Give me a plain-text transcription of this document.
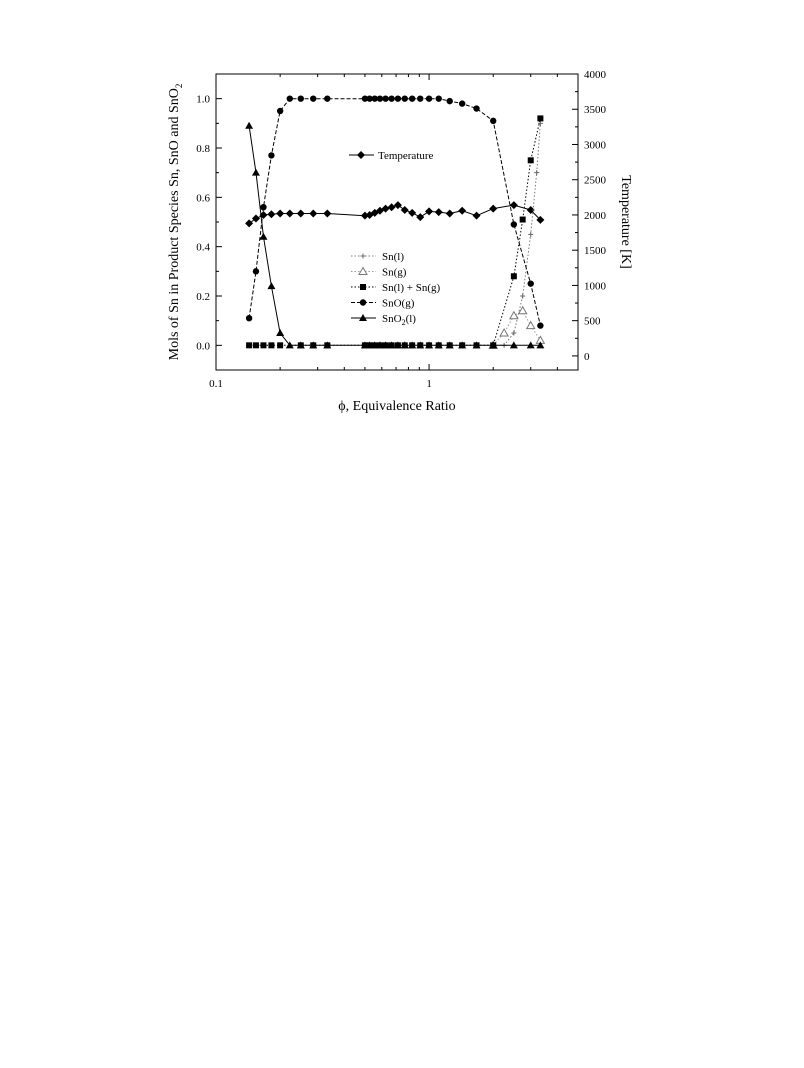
0.1	1
0.0
0.2
0.4
0.6
0.8
1.0
0
500
1000
1500
2000
2500
3000
3500
4000
Temperature
Sn(l)
Sn(g)
Sn(l) + Sn(g)
SnO(g)
SnO$_2$(l)
ϕ, Equivalence Ratio
Mols of Sn in Product Species Sn, SnO and SnO$_2$
Temperature [K]
